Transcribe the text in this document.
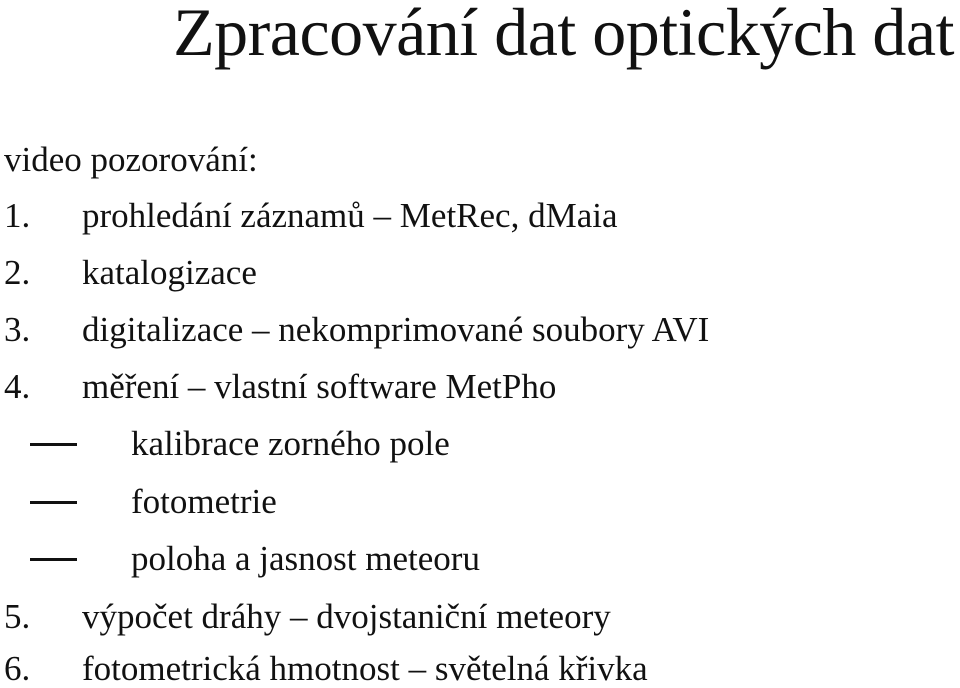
Zpracování dat optických dat
video pozorování:
1. prohledání záznamů – MetRec, dMaia
2. katalogizace
3. digitalizace – nekomprimované soubory AVI
4. měření – vlastní software MetPho
kalibrace zorného pole
fotometrie
poloha a jasnost meteoru
5. výpočet dráhy – dvojstaniční meteory
6. fotometrická hmotnost – světelná křivka
